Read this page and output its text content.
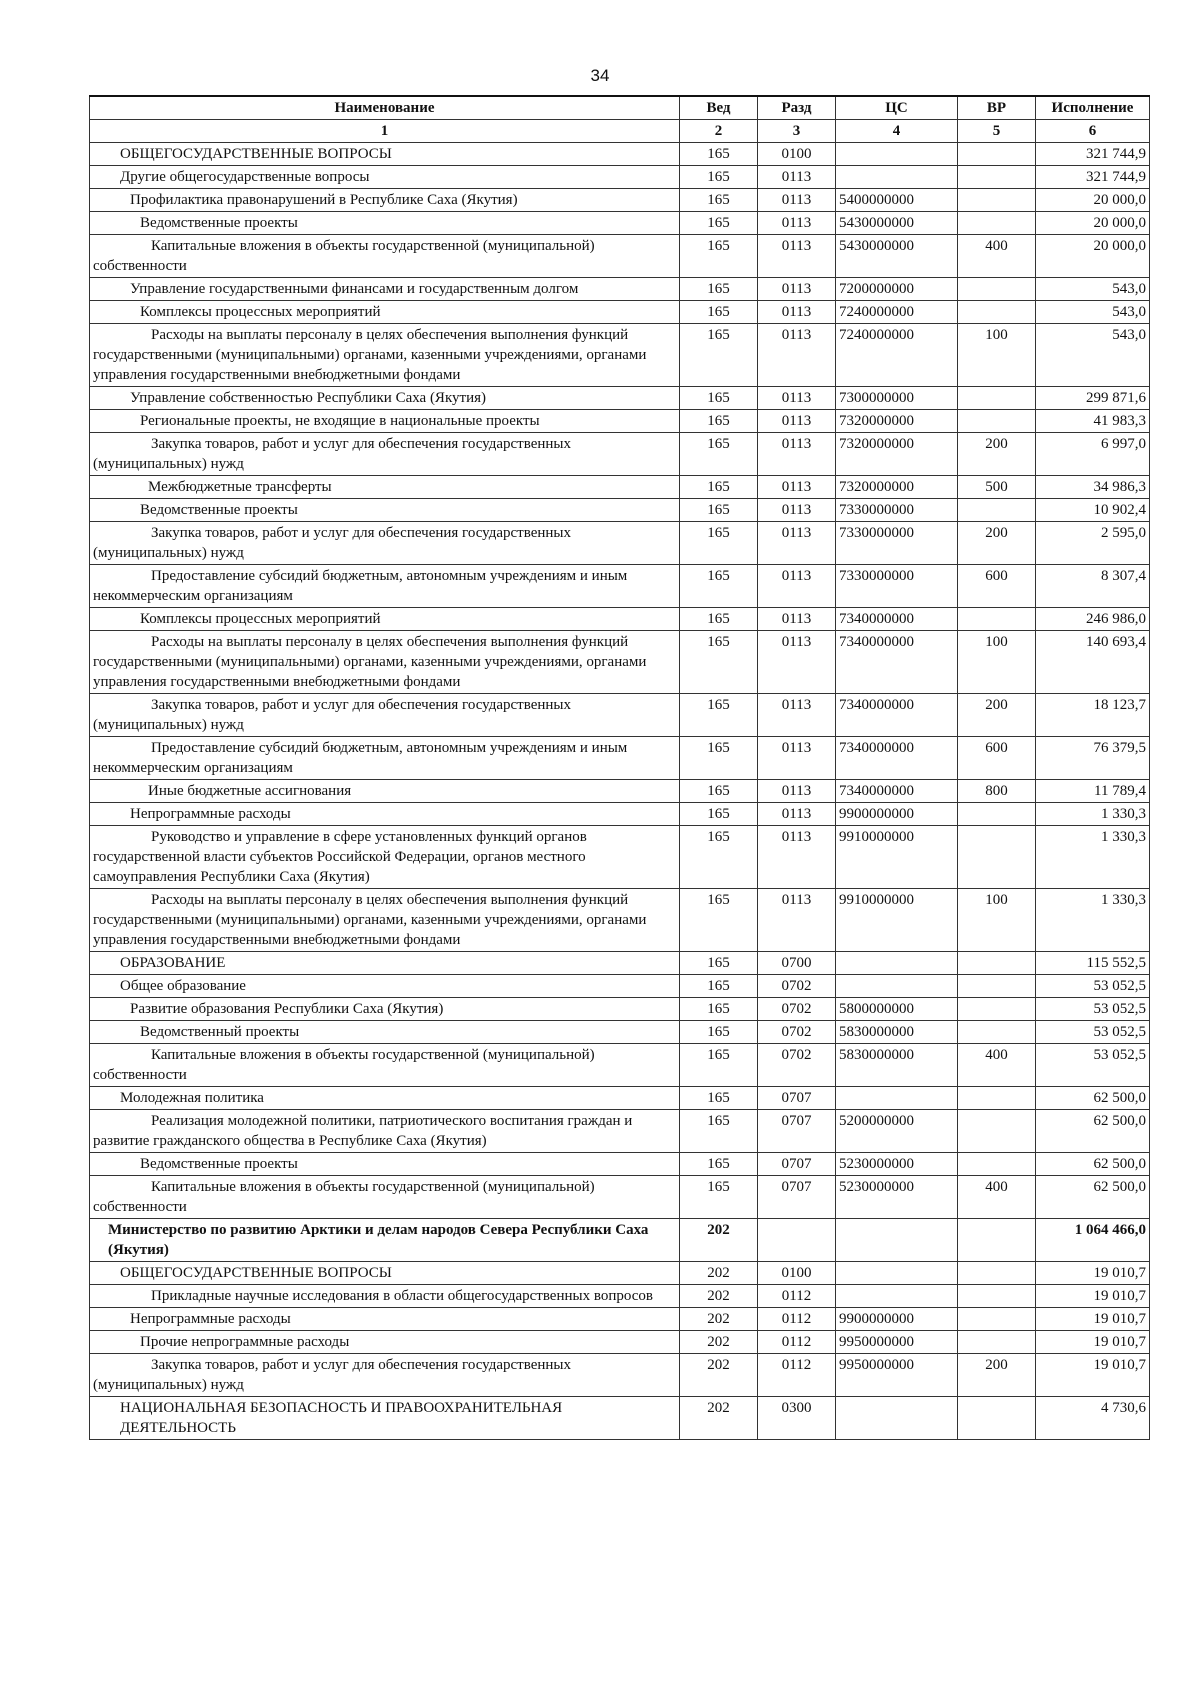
34
Наименование	Вед	Разд	ЦС	ВР	Исполнение
1	2	3	4	5	6
ОБЩЕГОСУДАРСТВЕННЫЕ ВОПРОСЫ	165	0100			321 744,9
Другие общегосударственные вопросы	165	0113			321 744,9
Профилактика правонарушений в Республике Саха (Якутия)	165	0113	5400000000		20 000,0
Ведомственные проекты	165	0113	5430000000		20 000,0
Капитальные вложения в объекты государственной (муниципальной) собственности	165	0113	5430000000	400	20 000,0
Управление государственными финансами и государственным долгом	165	0113	7200000000		543,0
Комплексы процессных мероприятий	165	0113	7240000000		543,0
Расходы на выплаты персоналу в целях обеспечения выполнения функций государственными (муниципальными) органами, казенными учреждениями, органами управления государственными внебюджетными фондами	165	0113	7240000000	100	543,0
Управление собственностью Республики Саха (Якутия)	165	0113	7300000000		299 871,6
Региональные проекты, не входящие в национальные проекты	165	0113	7320000000		41 983,3
Закупка товаров, работ и услуг для обеспечения государственных (муниципальных) нужд	165	0113	7320000000	200	6 997,0
Межбюджетные трансферты	165	0113	7320000000	500	34 986,3
Ведомственные проекты	165	0113	7330000000		10 902,4
Закупка товаров, работ и услуг для обеспечения государственных (муниципальных) нужд	165	0113	7330000000	200	2 595,0
Предоставление субсидий бюджетным, автономным учреждениям и иным некоммерческим организациям	165	0113	7330000000	600	8 307,4
Комплексы процессных мероприятий	165	0113	7340000000		246 986,0
Расходы на выплаты персоналу в целях обеспечения выполнения функций государственными (муниципальными) органами, казенными учреждениями, органами управления государственными внебюджетными фондами	165	0113	7340000000	100	140 693,4
Закупка товаров, работ и услуг для обеспечения государственных (муниципальных) нужд	165	0113	7340000000	200	18 123,7
Предоставление субсидий бюджетным, автономным учреждениям и иным некоммерческим организациям	165	0113	7340000000	600	76 379,5
Иные бюджетные ассигнования	165	0113	7340000000	800	11 789,4
Непрограммные расходы	165	0113	9900000000		1 330,3
Руководство и управление в сфере установленных функций органов государственной власти субъектов Российской Федерации, органов местного самоуправления Республики Саха (Якутия)	165	0113	9910000000		1 330,3
Расходы на выплаты персоналу в целях обеспечения выполнения функций государственными (муниципальными) органами, казенными учреждениями, органами управления государственными внебюджетными фондами	165	0113	9910000000	100	1 330,3
ОБРАЗОВАНИЕ	165	0700			115 552,5
Общее образование	165	0702			53 052,5
Развитие образования Республики Саха (Якутия)	165	0702	5800000000		53 052,5
Ведомственный проекты	165	0702	5830000000		53 052,5
Капитальные вложения в объекты государственной (муниципальной) собственности	165	0702	5830000000	400	53 052,5
Молодежная политика	165	0707			62 500,0
Реализация молодежной политики, патриотического воспитания граждан и развитие гражданского общества в Республике Саха (Якутия)	165	0707	5200000000		62 500,0
Ведомственные проекты	165	0707	5230000000		62 500,0
Капитальные вложения в объекты государственной (муниципальной) собственности	165	0707	5230000000	400	62 500,0
Министерство по развитию Арктики и делам народов Севера Республики Саха (Якутия)	202				1 064 466,0
ОБЩЕГОСУДАРСТВЕННЫЕ ВОПРОСЫ	202	0100			19 010,7
Прикладные научные исследования в области общегосударственных вопросов	202	0112			19 010,7
Непрограммные расходы	202	0112	9900000000		19 010,7
Прочие непрограммные расходы	202	0112	9950000000		19 010,7
Закупка товаров, работ и услуг для обеспечения государственных (муниципальных) нужд	202	0112	9950000000	200	19 010,7
НАЦИОНАЛЬНАЯ БЕЗОПАСНОСТЬ И ПРАВООХРАНИТЕЛЬНАЯ ДЕЯТЕЛЬНОСТЬ	202	0300			4 730,6
